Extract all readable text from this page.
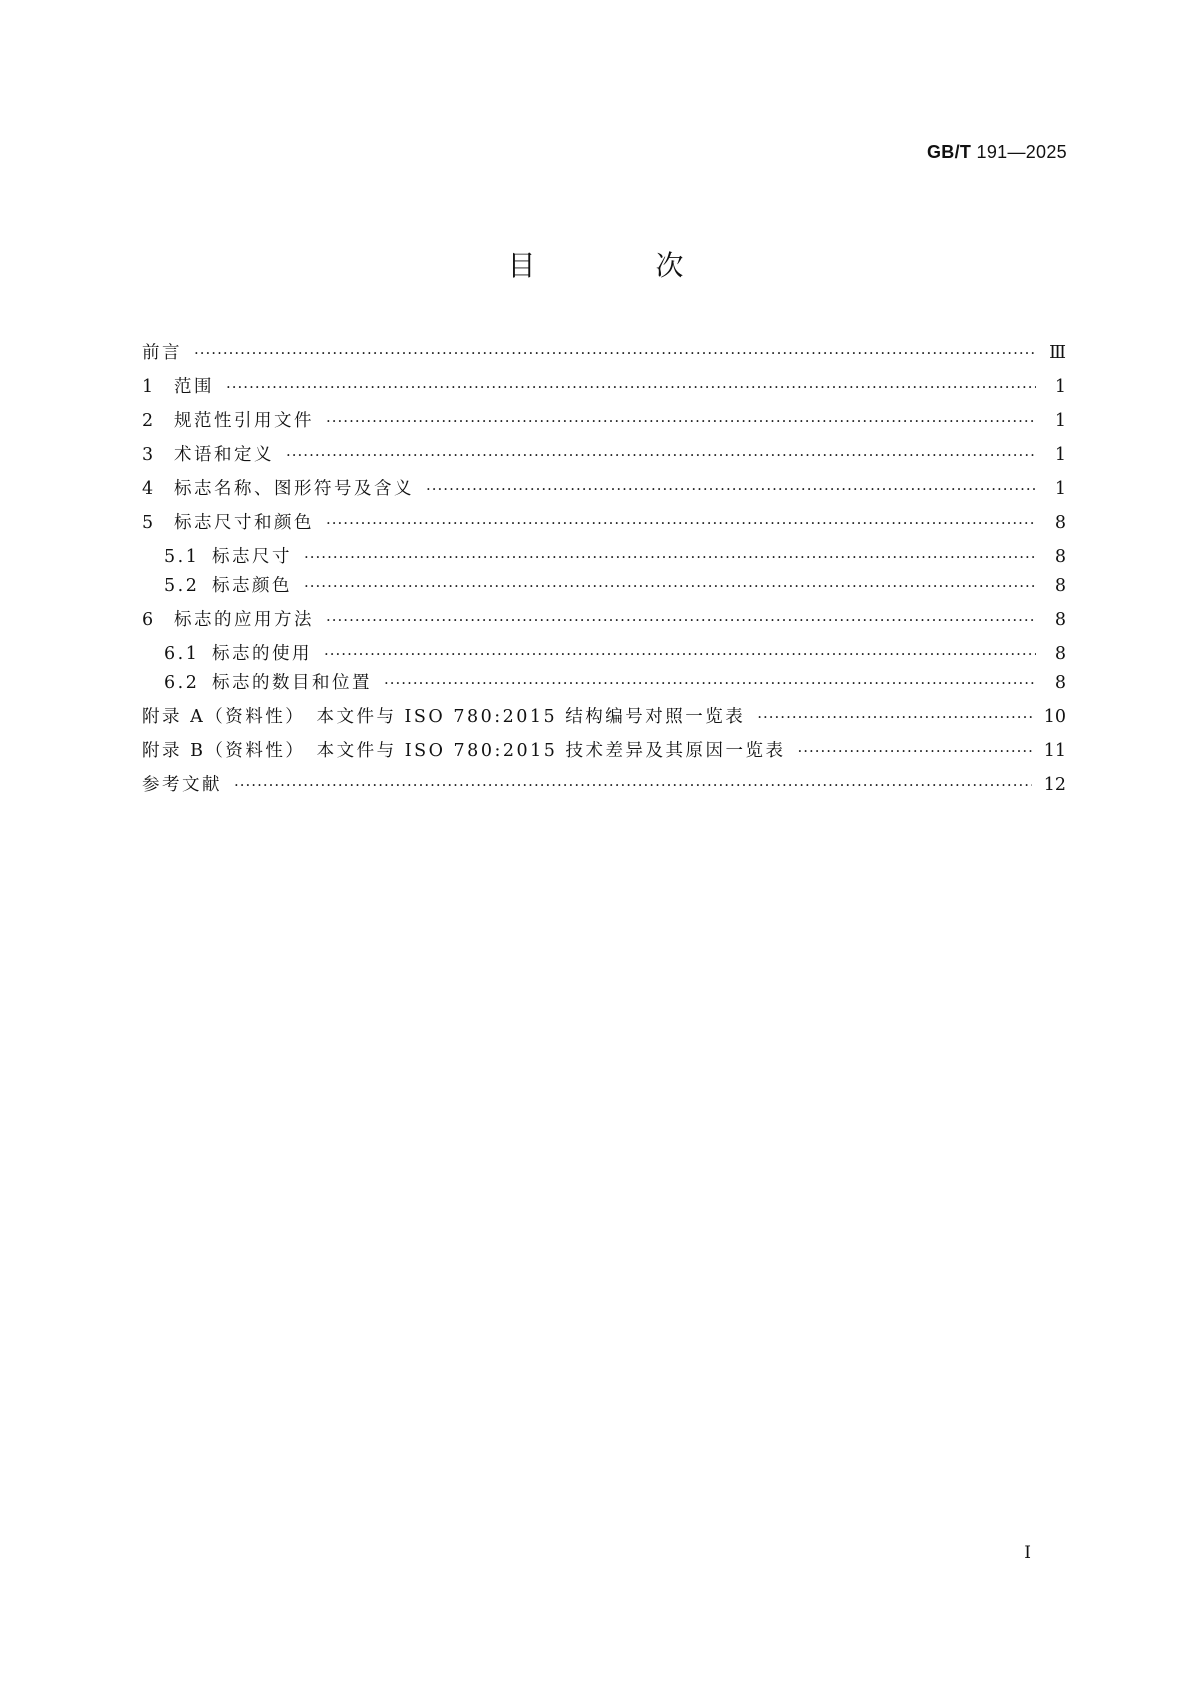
GB/T 191—2025
目　次
前言 ·····	Ⅲ
1	范围 ·····	1
2	规范性引用文件 ·····	1
3	术语和定义 ·····	1
4	标志名称、图形符号及含义 ·····	1
5	标志尺寸和颜色 ·····	8
5.1 标志尺寸 ·····	8
5.2 标志颜色 ·····	8
6	标志的应用方法 ·····	8
6.1 标志的使用 ·····	8
6.2 标志的数目和位置 ·····	8
附录 A（资料性）　本文件与 ISO 780:2015 结构编号对照一览表 ·····	10
附录 B（资料性）　本文件与 ISO 780:2015 技术差异及其原因一览表 ·····	11
参考文献 ·····	12
I
